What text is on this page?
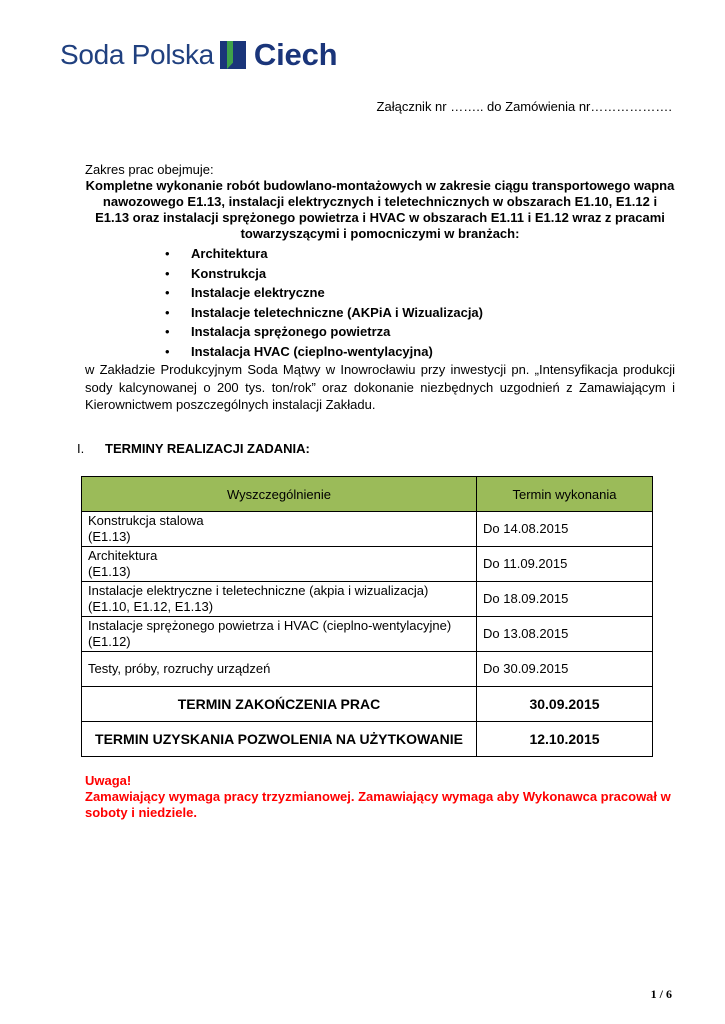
Soda Polska Ciech
Załącznik nr …….. do Zamówienia nr……………….

Zakres prac obejmuje:

Kompletne wykonanie robót budowlano-montażowych w zakresie ciągu transportowego wapna nawozowego E1.13, instalacji elektrycznych i teletechnicznych w obszarach E1.10, E1.12 i E1.13 oraz instalacji sprężonego powietrza i HVAC w obszarach E1.11 i E1.12 wraz z pracami towarzyszącymi i pomocniczymi w branżach:

• Architektura
• Konstrukcja
• Instalacje elektryczne
• Instalacje teletechniczne (AKPiA i Wizualizacja)
• Instalacja sprężonego powietrza
• Instalacja HVAC (cieplno-wentylacyjna)
w Zakładzie Produkcyjnym Soda Mątwy w Inowrocławiu przy inwestycji pn. „Intensyfikacja produkcji sody kalcynowanej o 200 tys. ton/rok” oraz dokonanie niezbędnych uzgodnień z Zamawiającym i Kierownictwem poszczególnych instalacji Zakładu.
I. TERMINY REALIZACJI ZADANIA:
Wyszczególnienie	Termin wykonania
Konstrukcja stalowa
(E1.13)	Do 14.08.2015
Architektura
(E1.13)	Do 11.09.2015
Instalacje elektryczne i teletechniczne (akpia i wizualizacja)
(E1.10, E1.12, E1.13)	Do 18.09.2015
Instalacje sprężonego powietrza i HVAC (cieplno-wentylacyjne)
(E1.12)	Do 13.08.2015
Testy, próby, rozruchy urządzeń	Do 30.09.2015
TERMIN ZAKOŃCZENIA PRAC	30.09.2015
TERMIN UZYSKANIA POZWOLENIA NA UŻYTKOWANIE	12.10.2015

Uwaga!

Zamawiający wymaga pracy trzyzmianowej. Zamawiający wymaga aby Wykonawca pracował w soboty i niedziele.

1 / 6
